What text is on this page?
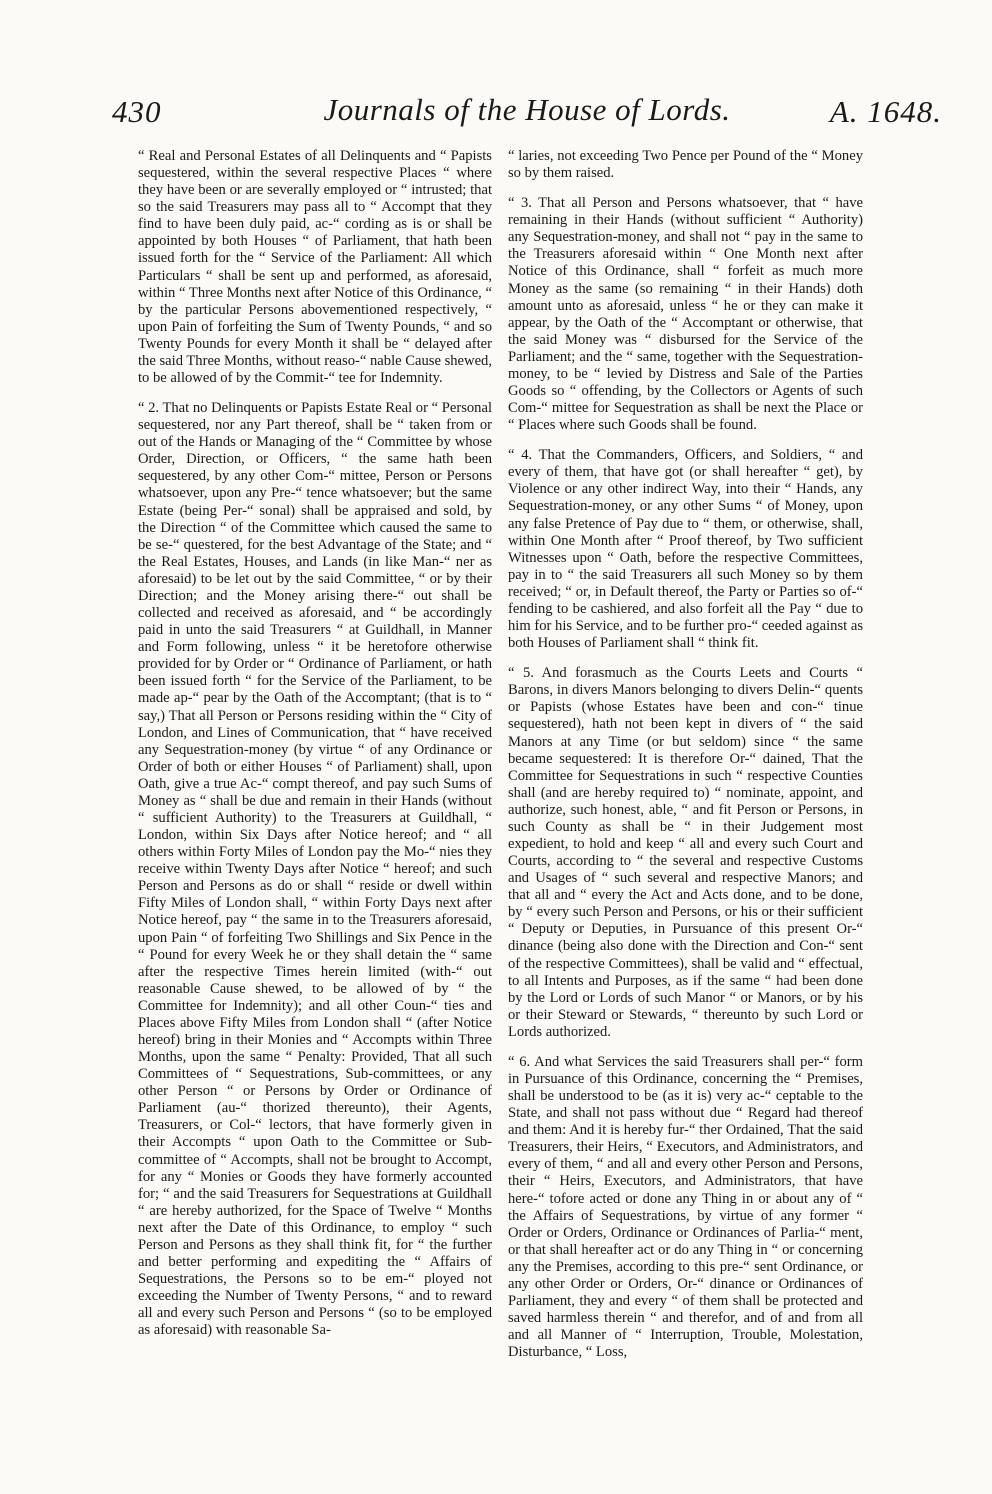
430	Journals of the House of Lords.	A. 1648.

“ Real and Personal Estates of all Delinquents and “ Papists sequestered, within the several respective Places “ where they have been or are severally employed or “ intrusted; that so the said Treasurers may pass all to “ Accompt that they find to have been duly paid, ac-“ cording as is or shall be appointed by both Houses “ of Parliament, that hath been issued forth for the “ Service of the Parliament: All which Particulars “ shall be sent up and performed, as aforesaid, within “ Three Months next after Notice of this Ordinance, “ by the particular Persons abovementioned respectively, “ upon Pain of forfeiting the Sum of Twenty Pounds, “ and so Twenty Pounds for every Month it shall be “ delayed after the said Three Months, without reaso-“ nable Cause shewed, to be allowed of by the Commit-“ tee for Indemnity.

“ 2. That no Delinquents or Papists Estate Real or “ Personal sequestered, nor any Part thereof, shall be “ taken from or out of the Hands or Managing of the “ Committee by whose Order, Direction, or Officers, “ the same hath been sequestered, by any other Com-“ mittee, Person or Persons whatsoever, upon any Pre-“ tence whatsoever; but the same Estate (being Per-“ sonal) shall be appraised and sold, by the Direction “ of the Committee which caused the same to be se-“ questered, for the best Advantage of the State; and “ the Real Estates, Houses, and Lands (in like Man-“ ner as aforesaid) to be let out by the said Committee, “ or by their Direction; and the Money arising there-“ out shall be collected and received as aforesaid, and “ be accordingly paid in unto the said Treasurers “ at Guildhall, in Manner and Form following, unless “ it be heretofore otherwise provided for by Order or “ Ordinance of Parliament, or hath been issued forth “ for the Service of the Parliament, to be made ap-“ pear by the Oath of the Accomptant; (that is to “ say,) That all Person or Persons residing within the “ City of London, and Lines of Communication, that “ have received any Sequestration-money (by virtue “ of any Ordinance or Order of both or either Houses “ of Parliament) shall, upon Oath, give a true Ac-“ compt thereof, and pay such Sums of Money as “ shall be due and remain in their Hands (without “ sufficient Authority) to the Treasurers at Guildhall, “ London, within Six Days after Notice hereof; and “ all others within Forty Miles of London pay the Mo-“ nies they receive within Twenty Days after Notice “ hereof; and such Person and Persons as do or shall “ reside or dwell within Fifty Miles of London shall, “ within Forty Days next after Notice hereof, pay “ the same in to the Treasurers aforesaid, upon Pain “ of forfeiting Two Shillings and Six Pence in the “ Pound for every Week he or they shall detain the “ same after the respective Times herein limited (with-“ out reasonable Cause shewed, to be allowed of by “ the Committee for Indemnity); and all other Coun-“ ties and Places above Fifty Miles from London shall “ (after Notice hereof) bring in their Monies and “ Accompts within Three Months, upon the same “ Penalty: Provided, That all such Committees of “ Sequestrations, Sub-committees, or any other Person “ or Persons by Order or Ordinance of Parliament (au-“ thorized thereunto), their Agents, Treasurers, or Col-“ lectors, that have formerly given in their Accompts “ upon Oath to the Committee or Sub-committee of “ Accompts, shall not be brought to Accompt, for any “ Monies or Goods they have formerly accounted for; “ and the said Treasurers for Sequestrations at Guildhall “ are hereby authorized, for the Space of Twelve “ Months next after the Date of this Ordinance, to employ “ such Person and Persons as they shall think fit, for “ the further and better performing and expediting the “ Affairs of Sequestrations, the Persons so to be em-“ ployed not exceeding the Number of Twenty Persons, “ and to reward all and every such Person and Persons “ (so to be employed as aforesaid) with reasonable Sa-

“ laries, not exceeding Two Pence per Pound of the “ Money so by them raised.

“ 3. That all Person and Persons whatsoever, that “ have remaining in their Hands (without sufficient “ Authority) any Sequestration-money, and shall not “ pay in the same to the Treasurers aforesaid within “ One Month next after Notice of this Ordinance, shall “ forfeit as much more Money as the same (so remaining “ in their Hands) doth amount unto as aforesaid, unless “ he or they can make it appear, by the Oath of the “ Accomptant or otherwise, that the said Money was “ disbursed for the Service of the Parliament; and the “ same, together with the Sequestration-money, to be “ levied by Distress and Sale of the Parties Goods so “ offending, by the Collectors or Agents of such Com-“ mittee for Sequestration as shall be next the Place or “ Places where such Goods shall be found.

“ 4. That the Commanders, Officers, and Soldiers, “ and every of them, that have got (or shall hereafter “ get), by Violence or any other indirect Way, into their “ Hands, any Sequestration-money, or any other Sums “ of Money, upon any false Pretence of Pay due to “ them, or otherwise, shall, within One Month after “ Proof thereof, by Two sufficient Witnesses upon “ Oath, before the respective Committees, pay in to “ the said Treasurers all such Money so by them received; “ or, in Default thereof, the Party or Parties so of-“ fending to be cashiered, and also forfeit all the Pay “ due to him for his Service, and to be further pro-“ ceeded against as both Houses of Parliament shall “ think fit.

“ 5. And forasmuch as the Courts Leets and Courts “ Barons, in divers Manors belonging to divers Delin-“ quents or Papists (whose Estates have been and con-“ tinue sequestered), hath not been kept in divers of “ the said Manors at any Time (or but seldom) since “ the same became sequestered: It is therefore Or-“ dained, That the Committee for Sequestrations in such “ respective Counties shall (and are hereby required to) “ nominate, appoint, and authorize, such honest, able, “ and fit Person or Persons, in such County as shall be “ in their Judgement most expedient, to hold and keep “ all and every such Court and Courts, according to “ the several and respective Customs and Usages of “ such several and respective Manors; and that all and “ every the Act and Acts done, and to be done, by “ every such Person and Persons, or his or their sufficient “ Deputy or Deputies, in Pursuance of this present Or-“ dinance (being also done with the Direction and Con-“ sent of the respective Committees), shall be valid and “ effectual, to all Intents and Purposes, as if the same “ had been done by the Lord or Lords of such Manor “ or Manors, or by his or their Steward or Stewards, “ thereunto by such Lord or Lords authorized.

“ 6. And what Services the said Treasurers shall per-“ form in Pursuance of this Ordinance, concerning the “ Premises, shall be understood to be (as it is) very ac-“ ceptable to the State, and shall not pass without due “ Regard had thereof and them: And it is hereby fur-“ ther Ordained, That the said Treasurers, their Heirs, “ Executors, and Administrators, and every of them, “ and all and every other Person and Persons, their “ Heirs, Executors, and Administrators, that have here-“ tofore acted or done any Thing in or about any of “ the Affairs of Sequestrations, by virtue of any former “ Order or Orders, Ordinance or Ordinances of Parlia-“ ment, or that shall hereafter act or do any Thing in “ or concerning any the Premises, according to this pre-“ sent Ordinance, or any other Order or Orders, Or-“ dinance or Ordinances of Parliament, they and every “ of them shall be protected and saved harmless therein “ and therefor, and of and from all and all Manner of “ Interruption, Trouble, Molestation, Disturbance, “ Loss,
